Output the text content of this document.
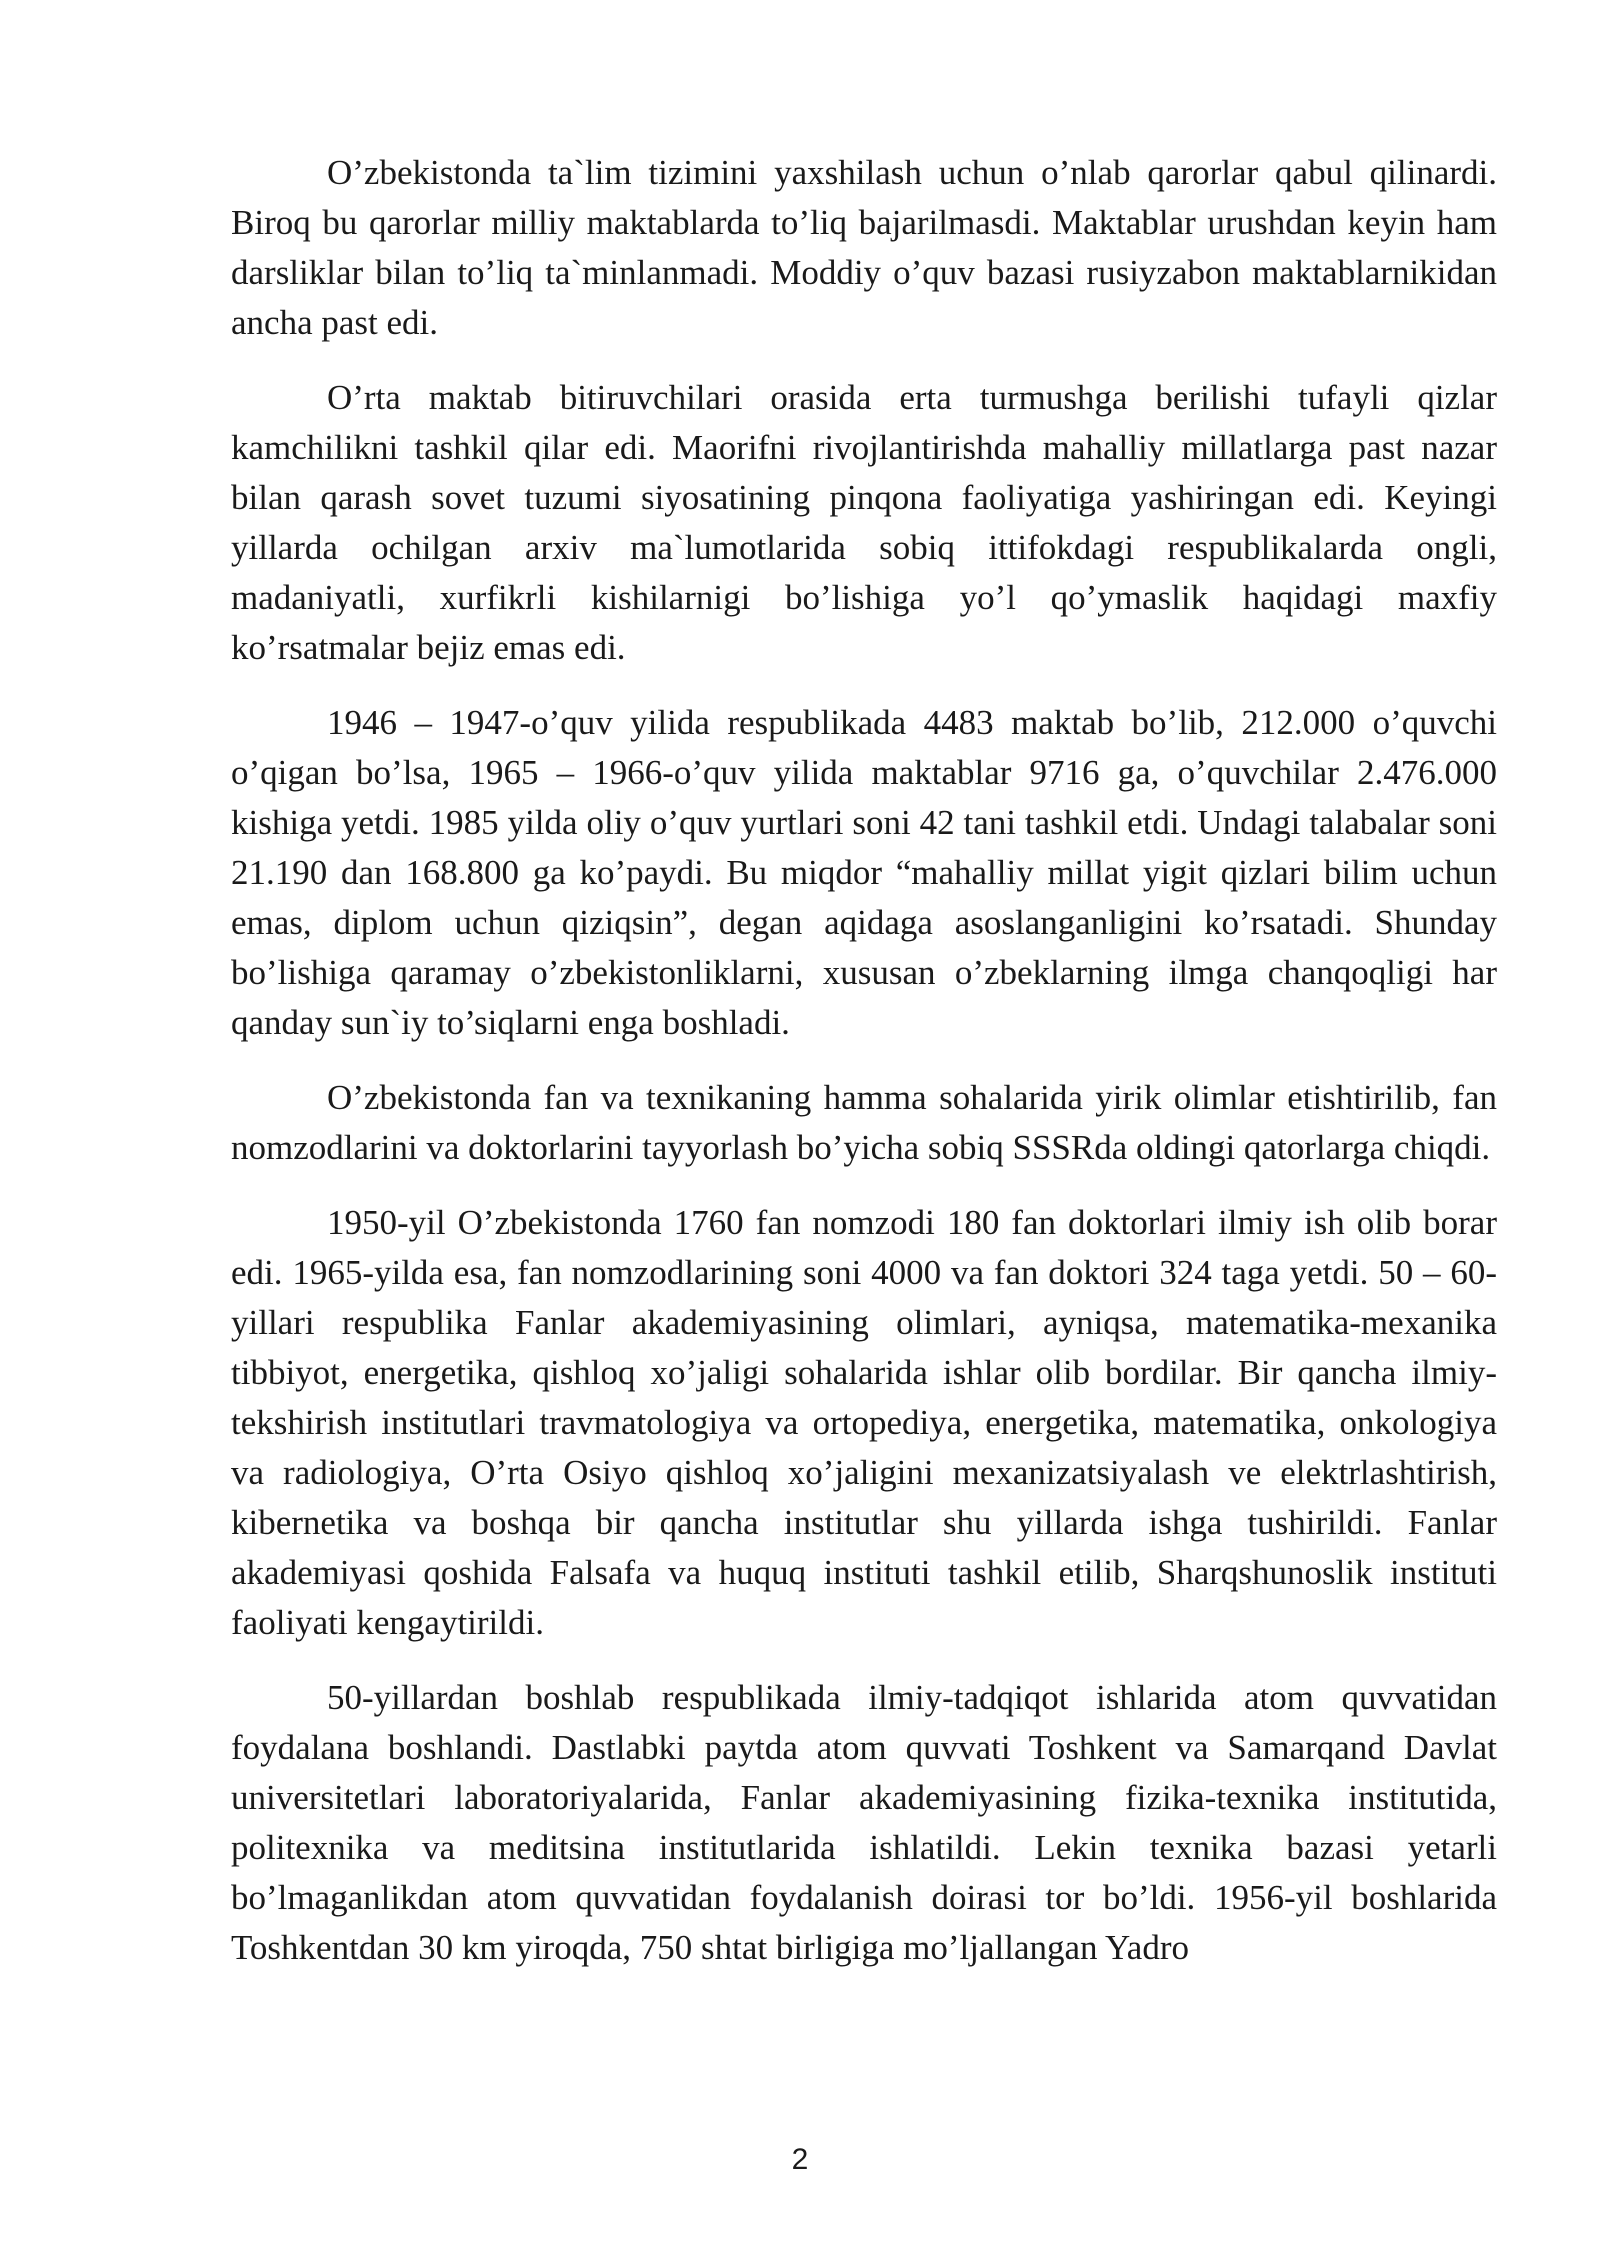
O’zbekistonda ta`lim tizimini yaxshilash uchun o’nlab qarorlar qabul qilinardi. Biroq bu qarorlar milliy maktablarda to’liq bajarilmasdi. Maktablar urushdan keyin ham darsliklar bilan to’liq ta`minlanmadi. Moddiy o’quv bazasi rusiyzabon maktablarnikidan ancha past edi.

O’rta maktab bitiruvchilari orasida erta turmushga berilishi tufayli qizlar kamchilikni tashkil qilar edi. Maorifni rivojlantirishda mahalliy millatlarga past nazar bilan qarash sovet tuzumi siyosatining pinqona faoliyatiga yashiringan edi. Keyingi yillarda ochilgan arxiv ma`lumotlarida sobiq ittifokdagi respublikalarda ongli, madaniyatli, xurfikrli kishilarnigi bo’lishiga yo’l qo’ymaslik haqidagi maxfiy ko’rsatmalar bejiz emas edi.

1946 – 1947-o’quv yilida respublikada 4483 maktab bo’lib, 212.000 o’quvchi o’qigan bo’lsa, 1965 – 1966-o’quv yilida maktablar 9716 ga, o’quvchilar 2.476.000 kishiga yetdi. 1985 yilda oliy o’quv yurtlari soni 42 tani tashkil etdi. Undagi talabalar soni 21.190 dan 168.800 ga ko’paydi. Bu miqdor “mahalliy millat yigit qizlari bilim uchun emas, diplom uchun qiziqsin”, degan aqidaga asoslanganligini ko’rsatadi. Shunday bo’lishiga qaramay o’zbekistonliklarni, xususan o’zbeklarning ilmga chanqoqligi har qanday sun`iy to’siqlarni enga boshladi.

O’zbekistonda fan va texnikaning hamma sohalarida yirik olimlar etishtirilib, fan nomzodlarini va doktorlarini tayyorlash bo’yicha sobiq SSSRda oldingi qatorlarga chiqdi.

1950-yil O’zbekistonda 1760 fan nomzodi 180 fan doktorlari ilmiy ish olib borar edi. 1965-yilda esa, fan nomzodlarining soni 4000 va fan doktori 324 taga yetdi. 50 – 60-yillari respublika Fanlar akademiyasining olimlari, ayniqsa, matematika-mexanika tibbiyot, energetika, qishloq xo’jaligi sohalarida ishlar olib bordilar. Bir qancha ilmiy-tekshirish institutlari travmatologiya va ortopediya, energetika, matematika, onkologiya va radiologiya, O’rta Osiyo qishloq xo’jaligini mexanizatsiyalash ve elektrlashtirish, kibernetika va boshqa bir qancha institutlar shu yillarda ishga tushirildi. Fanlar akademiyasi qoshida Falsafa va huquq instituti tashkil etilib, Sharqshunoslik instituti faoliyati kengaytirildi.

50-yillardan boshlab respublikada ilmiy-tadqiqot ishlarida atom quvvatidan foydalana boshlandi. Dastlabki paytda atom quvvati Toshkent va Samarqand Davlat universitetlari laboratoriyalarida, Fanlar akademiyasining fizika-texnika institutida, politexnika va meditsina institutlarida ishlatildi. Lekin texnika bazasi yetarli bo’lmaganlikdan atom quvvatidan foydalanish doirasi tor bo’ldi. 1956-yil boshlarida Toshkentdan 30 km yiroqda, 750 shtat birligiga mo’ljallangan Yadro

2
